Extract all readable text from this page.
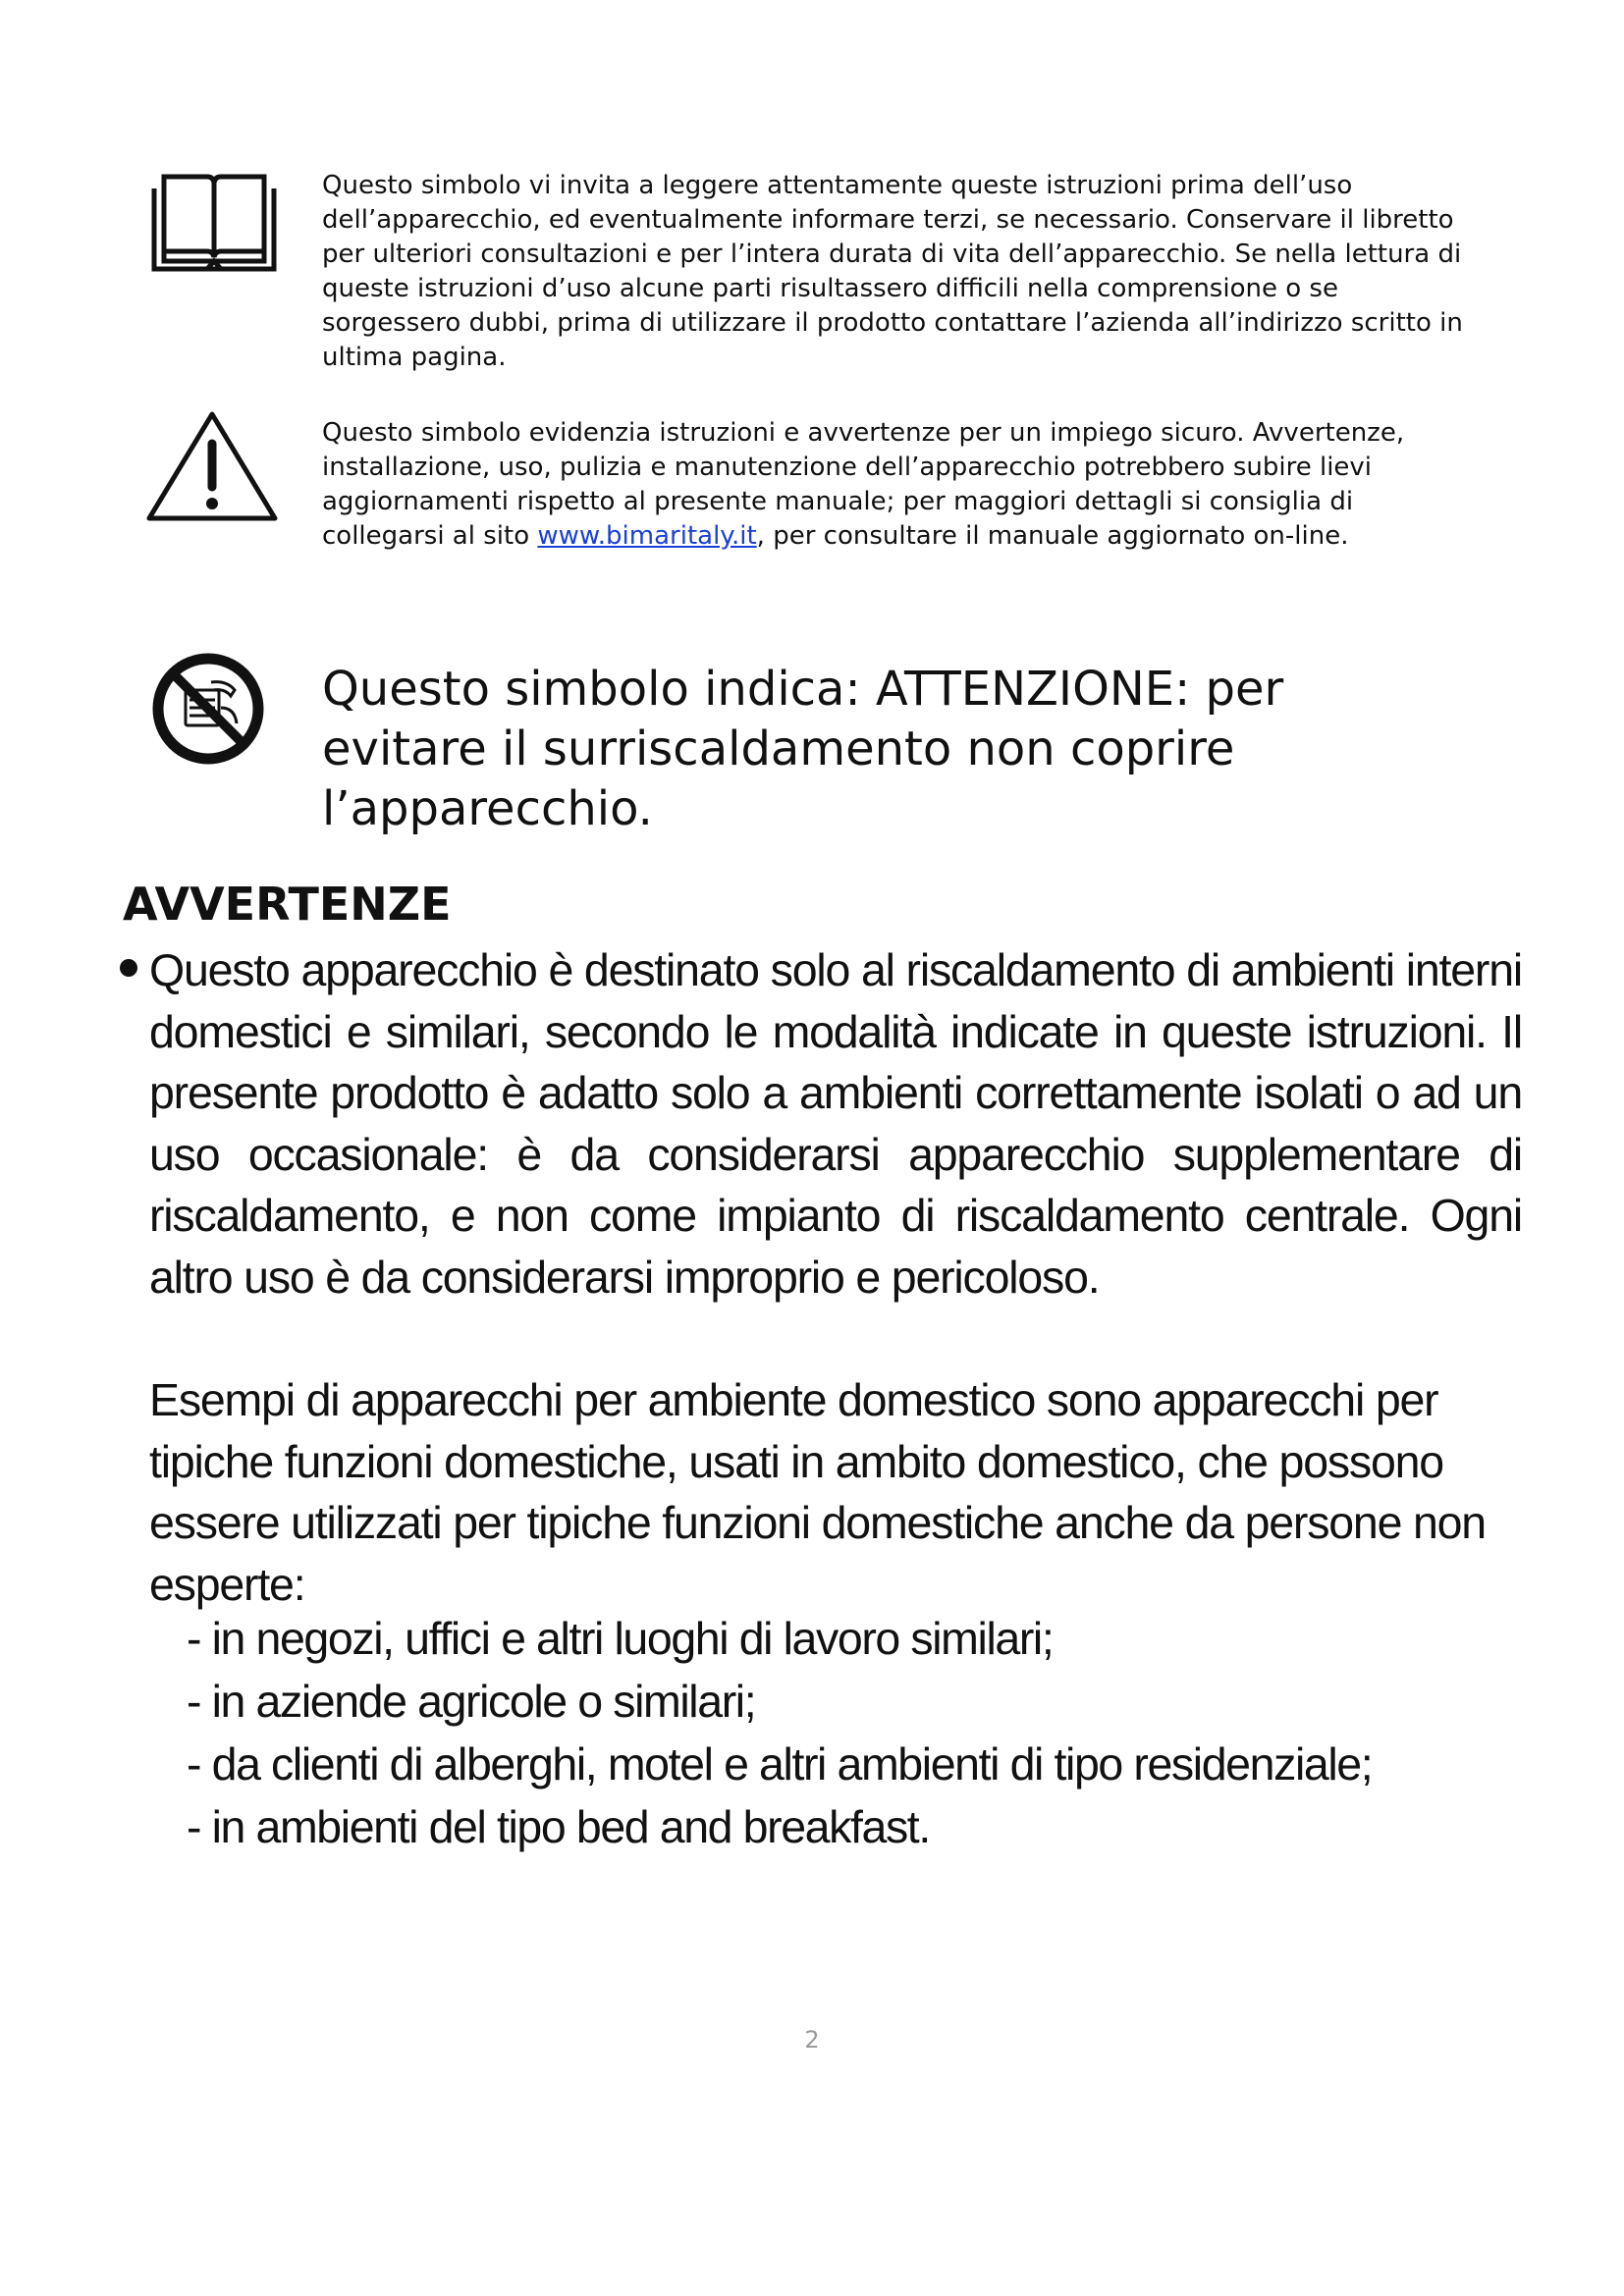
Questo simbolo vi invita a leggere attentamente queste istruzioni prima dell’uso dell’apparecchio, ed eventualmente informare terzi, se necessario. Conservare il libretto per ulteriori consultazioni e per l’intera durata di vita dell’apparecchio. Se nella lettura di queste istruzioni d’uso alcune parti risultassero difficili nella comprensione o se sorgessero dubbi, prima di utilizzare il prodotto contattare l’azienda all’indirizzo scritto in ultima pagina.

Questo simbolo evidenzia istruzioni e avvertenze per un impiego sicuro. Avvertenze, installazione, uso, pulizia e manutenzione dell’apparecchio potrebbero subire lievi aggiornamenti rispetto al presente manuale; per maggiori dettagli si consiglia di collegarsi al sito www.bimaritaly.it, per consultare il manuale aggiornato on-line.

Questo simbolo indica: ATTENZIONE: per evitare il surriscaldamento non coprire l’apparecchio.

AVVERTENZE

Questo apparecchio è destinato solo al riscaldamento di ambienti interni domestici e similari, secondo le modalità indicate in queste istruzioni. Il presente prodotto è adatto solo a ambienti correttamente isolati o ad un uso occasionale: è da considerarsi apparecchio supplementare di riscaldamento, e non come impianto di riscaldamento centrale. Ogni altro uso è da considerarsi improprio e pericoloso.

Esempi di apparecchi per ambiente domestico sono apparecchi per tipiche funzioni domestiche, usati in ambito domestico, che possono essere utilizzati per tipiche funzioni domestiche anche da persone non esperte:

- in negozi, uffici e altri luoghi di lavoro similari;
- in aziende agricole o similari;
- da clienti di alberghi, motel e altri ambienti di tipo residenziale;
- in ambienti del tipo bed and breakfast.
2
